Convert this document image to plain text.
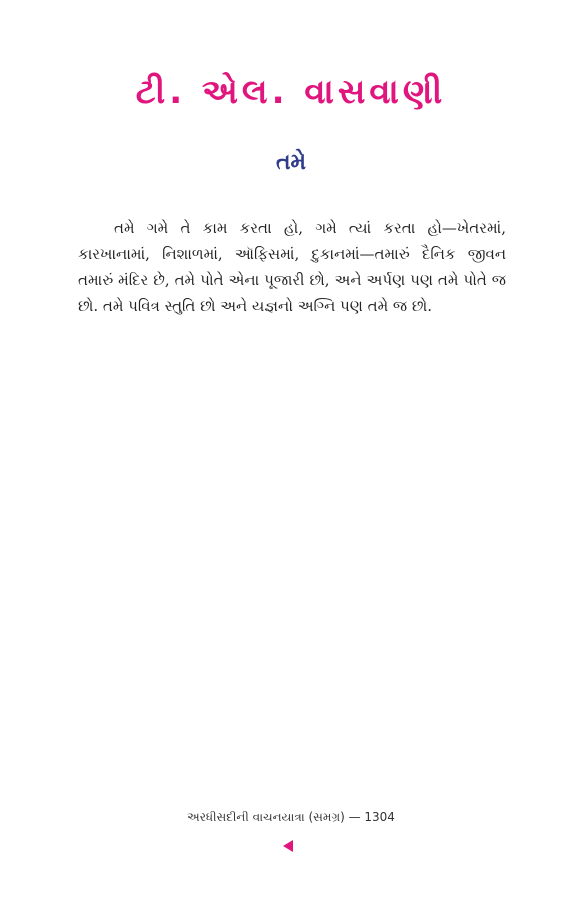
ટી. એલ. વાસવાણી
તમે

તમે ગમે તે કામ કરતા હો, ગમે ત્યાં કરતા હો—ખેતરમાં, કારખાનામાં, નિશાળમાં, ઑફિસમાં, દુકાનમાં—તમારું દૈનિક જીવન તમારું મંદિર છે, તમે પોતે એના પૂજારી છો, અને અર્પણ પણ તમે પોતે જ છો. તમે પવિત્ર સ્તુતિ છો અને યજ્ઞનો અગ્નિ પણ તમે જ છો.

અરધીસદીની વાચનયાત્રા (સમગ્ર) — 1304
